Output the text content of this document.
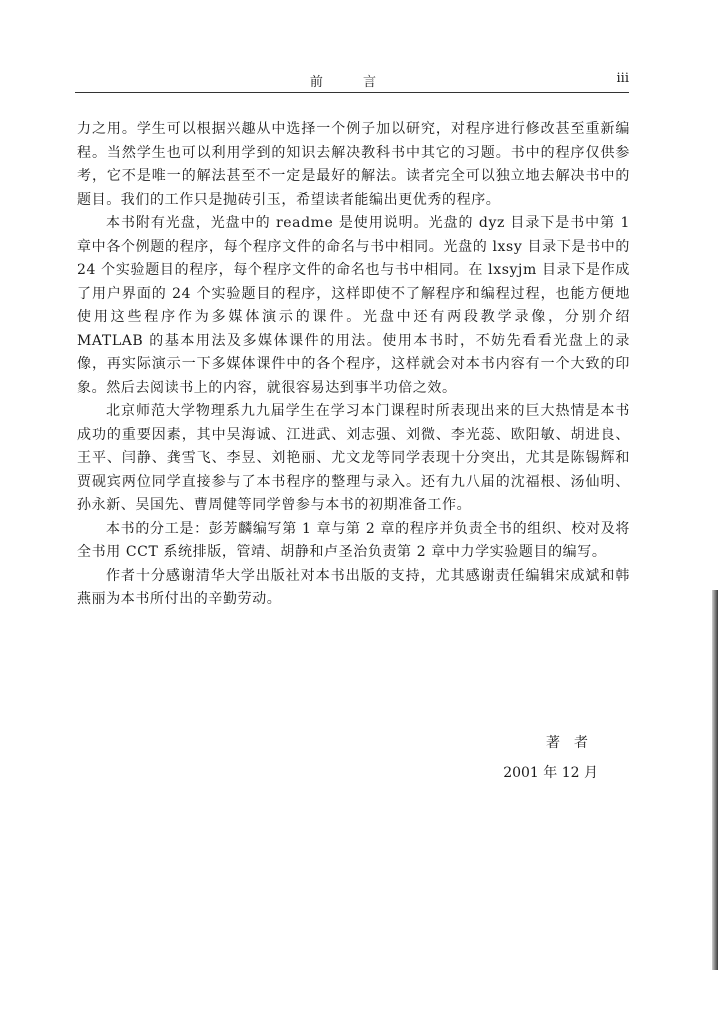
前 言	iii

力之用。学生可以根据兴趣从中选择一个例子加以研究，对程序进行修改甚至重新编程。当然学生也可以利用学到的知识去解决教科书中其它的习题。书中的程序仅供参考，它不是唯一的解法甚至不一定是最好的解法。读者完全可以独立地去解决书中的题目。我们的工作只是抛砖引玉，希望读者能编出更优秀的程序。

本书附有光盘，光盘中的 readme 是使用说明。光盘的 dyz 目录下是书中第 1 章中各个例题的程序，每个程序文件的命名与书中相同。光盘的 lxsy 目录下是书中的 24 个实验题目的程序，每个程序文件的命名也与书中相同。在 lxsyjm 目录下是作成了用户界面的 24 个实验题目的程序，这样即使不了解程序和编程过程，也能方便地使用这些程序作为多媒体演示的课件。光盘中还有两段教学录像，分别介绍 MATLAB 的基本用法及多媒体课件的用法。使用本书时，不妨先看看光盘上的录像，再实际演示一下多媒体课件中的各个程序，这样就会对本书内容有一个大致的印象。然后去阅读书上的内容，就很容易达到事半功倍之效。

北京师范大学物理系九九届学生在学习本门课程时所表现出来的巨大热情是本书成功的重要因素，其中吴海诚、江进武、刘志强、刘微、李光蕊、欧阳敏、胡进良、王平、闫静、龚雪飞、李昱、刘艳丽、尤文龙等同学表现十分突出，尤其是陈锡辉和贾砚宾两位同学直接参与了本书程序的整理与录入。还有九八届的沈福根、汤仙明、孙永新、吴国先、曹周健等同学曾参与本书的初期准备工作。

本书的分工是：彭芳麟编写第 1 章与第 2 章的程序并负责全书的组织、校对及将全书用 CCT 系统排版，管靖、胡静和卢圣治负责第 2 章中力学实验题目的编写。

作者十分感谢清华大学出版社对本书出版的支持，尤其感谢责任编辑宋成斌和韩燕丽为本书所付出的辛勤劳动。

著者
2001 年 12 月
